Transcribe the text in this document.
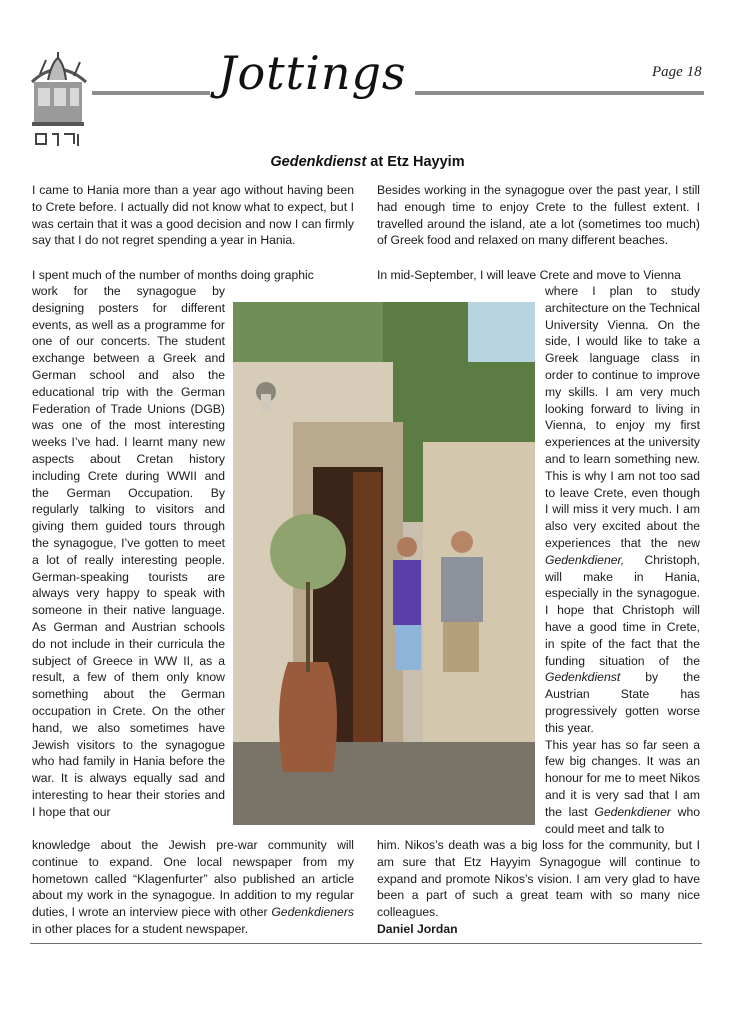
Jottings	Page 18
Gedenkdienst at Etz Hayyim

I came to Hania more than a year ago without having been to Crete before. I actually did not know what to expect, but I was certain that it was a good decision and now I can firmly say that I do not regret spending a year in Hania.

I spent much of the number of months doing graphic

work for the synagogue by designing posters for different events, as well as a programme for one of our concerts. The student exchange between a Greek and German school and also the educational trip with the German Federation of Trade Unions (DGB) was one of the most interesting weeks I’ve had. I learnt many new aspects about Cretan history including Crete during WWII and the German Occupation. By regularly talking to visitors and giving them guided tours through the synagogue, I’ve gotten to meet a lot of really interesting people. German-speaking tourists are always very happy to speak with someone in their native language. As German and Austrian schools do not include in their curricula the subject of Greece in WW II, as a result, a few of them only know something about the German occupation in Crete. On the other hand, we also sometimes have Jewish visitors to the synagogue who had family in Hania before the war. It is always equally sad and interesting to hear their stories and I hope that our

knowledge about the Jewish pre-war community will continue to expand. One local newspaper from my hometown called “Klagenfurter” also published an article about my work in the synagogue. In addition to my regular duties, I wrote an interview piece with other Gedenkdieners in other places for a student newspaper.

Besides working in the synagogue over the past year, I still had enough time to enjoy Crete to the fullest extent. I travelled around the island, ate a lot (sometimes too much) of Greek food and relaxed on many different beaches.

In mid-September, I will leave Crete and move to Vienna

where I plan to study architecture on the Technical University Vienna. On the side, I would like to take a Greek language class in order to continue to improve my skills. I am very much looking forward to living in Vienna, to enjoy my first experiences at the university and to learn something new. This is why I am not too sad to leave Crete, even though I will miss it very much. I am also very excited about the experiences that the new Gedenkdiener, Christoph, will make in Hania, especially in the synagogue. I hope that Christoph will have a good time in Crete, in spite of the fact that the funding situation of the Gedenkdienst by the Austrian State has progressively gotten worse this year.

This year has so far seen a few big changes. It was an honour for me to meet Nikos and it is very sad that I am the last Gedenkdiener who could meet and talk to

him. Nikos’s death was a big loss for the community, but I am sure that Etz Hayyim Synagogue will continue to expand and promote Nikos’s vision. I am very glad to have been a part of such a great team with so many nice colleagues.

Daniel Jordan
